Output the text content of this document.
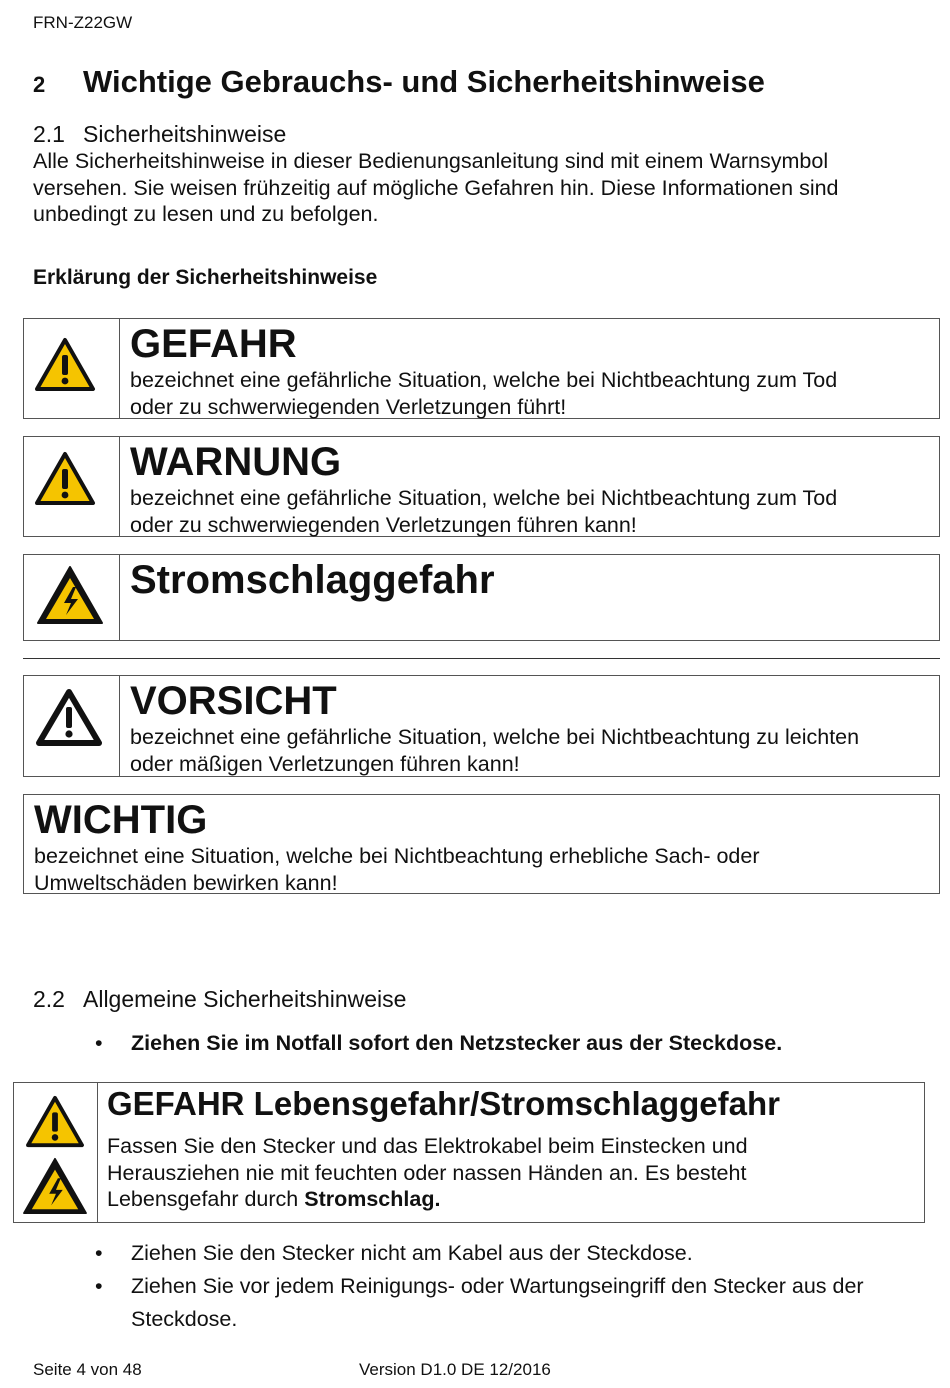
FRN-Z22GW
2 Wichtige Gebrauchs- und Sicherheitshinweise
2.1 Sicherheitshinweise
Alle Sicherheitshinweise in dieser Bedienungsanleitung sind mit einem Warnsymbol
versehen. Sie weisen frühzeitig auf mögliche Gefahren hin. Diese Informationen sind
unbedingt zu lesen und zu befolgen.
Erklärung der Sicherheitshinweise
GEFAHR
bezeichnet eine gefährliche Situation, welche bei Nichtbeachtung zum Tod
oder zu schwerwiegenden Verletzungen führt!
WARNUNG
bezeichnet eine gefährliche Situation, welche bei Nichtbeachtung zum Tod
oder zu schwerwiegenden Verletzungen führen kann!
Stromschlaggefahr
VORSICHT
bezeichnet eine gefährliche Situation, welche bei Nichtbeachtung zu leichten
oder mäßigen Verletzungen führen kann!
WICHTIG
bezeichnet eine Situation, welche bei Nichtbeachtung erhebliche Sach- oder
Umweltschäden bewirken kann!
2.2 Allgemeine Sicherheitshinweise
• Ziehen Sie im Notfall sofort den Netzstecker aus der Steckdose.
GEFAHR Lebensgefahr/Stromschlaggefahr
Fassen Sie den Stecker und das Elektrokabel beim Einstecken und
Herausziehen nie mit feuchten oder nassen Händen an. Es besteht
Lebensgefahr durch Stromschlag.
• Ziehen Sie den Stecker nicht am Kabel aus der Steckdose.
• Ziehen Sie vor jedem Reinigungs- oder Wartungseingriff den Stecker aus der
Steckdose.
Seite 4 von 48	Version D1.0 DE 12/2016
